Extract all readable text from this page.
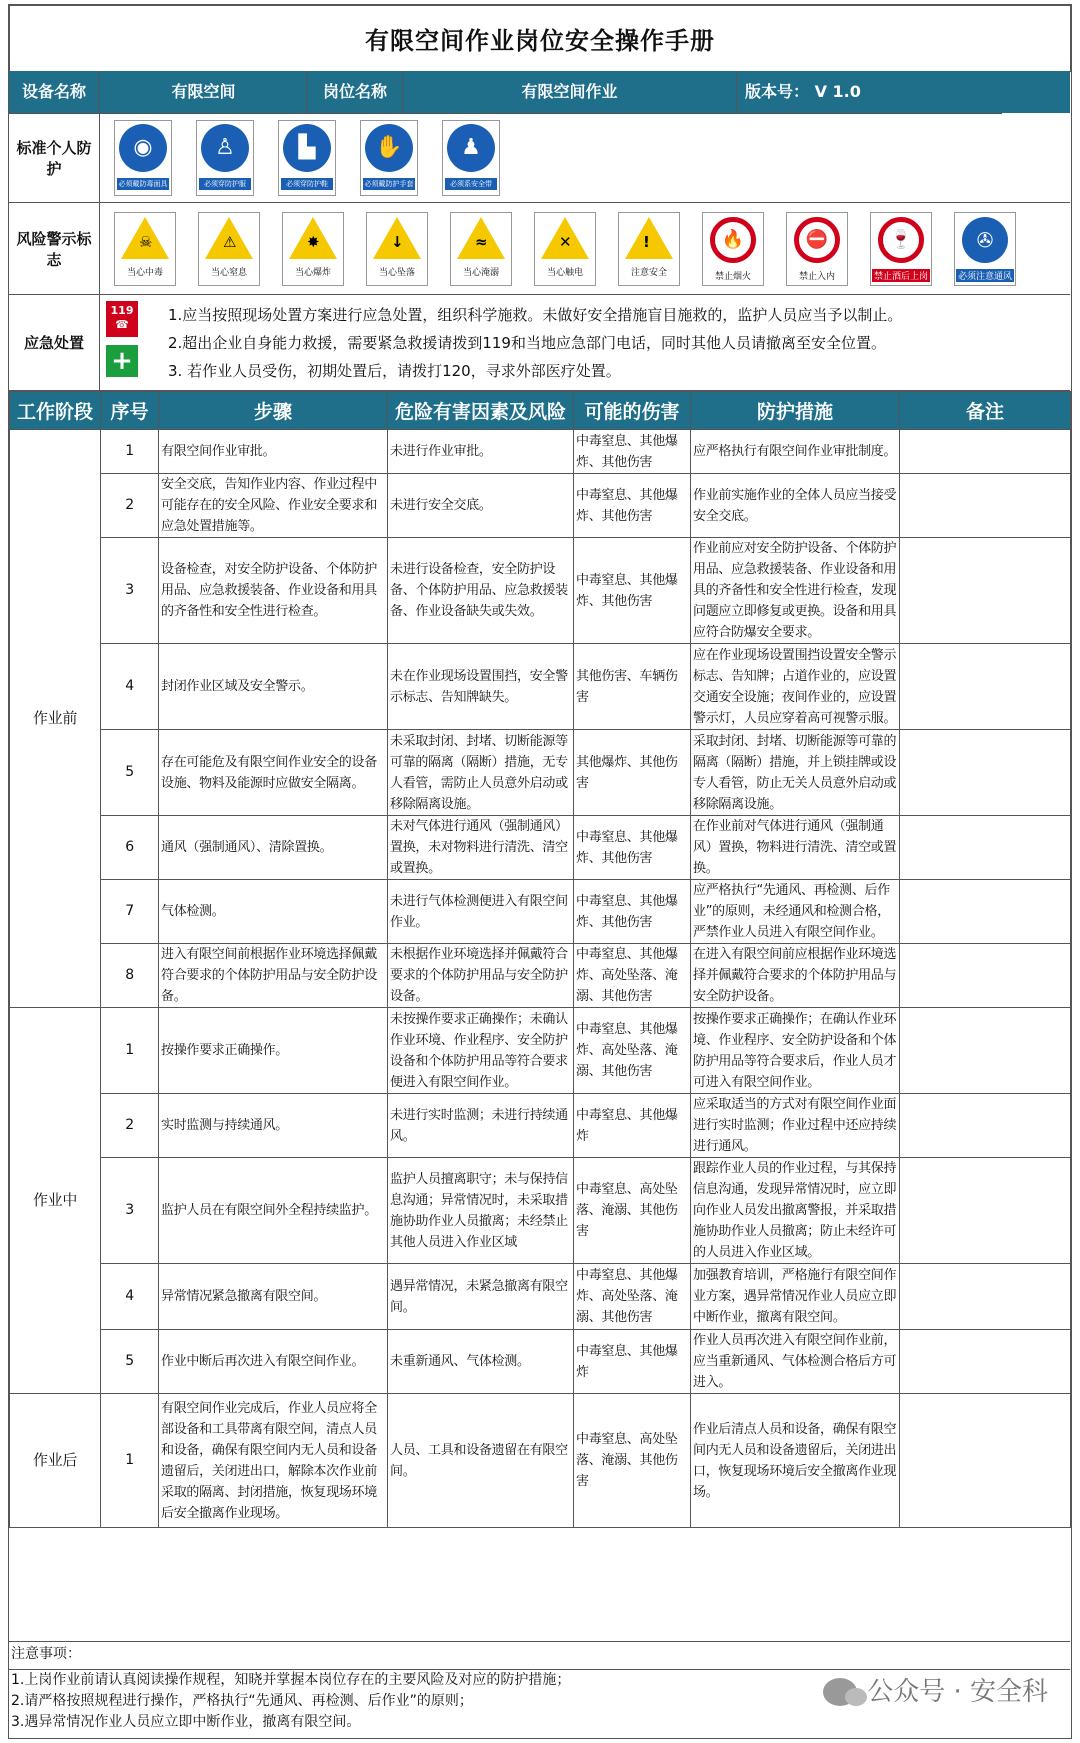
有限空间作业岗位安全操作手册

设备名称	有限空间	岗位名称	有限空间作业	版本号： V 1.0
标准个人防护
◉
必须戴防毒面具
♙
必须穿防护服
▙
必须穿防护鞋
✋
必须戴防护手套
♟
必须系安全带
风险警示标志
☠
当心中毒
⚠
当心窒息
✸
当心爆炸
↓
当心坠落
≈
当心淹溺
✕
当心触电
!
注意安全
🔥
禁止烟火
⛔
禁止入内
🍷
禁止酒后上岗
✇
必须注意通风
应急处置
119
☎
+
1.应当按照现场处置方案进行应急处置，组织科学施救。未做好安全措施盲目施救的，监护人员应当予以制止。
2.超出企业自身能力救援，需要紧急救援请拨到119和当地应急部门电话，同时其他人员请撤离至安全位置。
3. 若作业人员受伤，初期处置后，请拨打120，寻求外部医疗处置。
工作阶段	序号	步骤	危险有害因素及风险	可能的伤害	防护措施	备注
作业前	1	有限空间作业审批。	未进行作业审批。	中毒窒息、其他爆炸、其他伤害	应严格执行有限空间作业审批制度。	
	2	安全交底，告知作业内容、作业过程中可能存在的安全风险、作业安全要求和应急处置措施等。	未进行安全交底。	中毒窒息、其他爆炸、其他伤害	作业前实施作业的全体人员应当接受安全交底。	
	3	设备检查，对安全防护设备、个体防护用品、应急救援装备、作业设备和用具的齐备性和安全性进行检查。	未进行设备检查，安全防护设备、个体防护用品、应急救援装备、作业设备缺失或失效。	中毒窒息、其他爆炸、其他伤害	作业前应对安全防护设备、个体防护用品、应急救援装备、作业设备和用具的齐备性和安全性进行检查，发现问题应立即修复或更换。设备和用具应符合防爆安全要求。	
	4	封闭作业区域及安全警示。	未在作业现场设置围挡，安全警示标志、告知牌缺失。	其他伤害、车辆伤害	应在作业现场设置围挡设置安全警示标志、告知牌；占道作业的，应设置交通安全设施；夜间作业的，应设置警示灯，人员应穿着高可视警示服。	
	5	存在可能危及有限空间作业安全的设备设施、物料及能源时应做安全隔离。	未采取封闭、封堵、切断能源等可靠的隔离（隔断）措施，无专人看管，需防止人员意外启动或移除隔离设施。	其他爆炸、其他伤害	采取封闭、封堵、切断能源等可靠的隔离（隔断）措施，并上锁挂牌或设专人看管，防止无关人员意外启动或移除隔离设施。	
	6	通风（强制通风）、清除置换。	未对气体进行通风（强制通风）置换，未对物料进行清洗、清空或置换。	中毒窒息、其他爆炸、其他伤害	在作业前对气体进行通风（强制通风）置换，物料进行清洗、清空或置换。	
	7	气体检测。	未进行气体检测便进入有限空间作业。	中毒窒息、其他爆炸、其他伤害	应严格执行“先通风、再检测、后作业”的原则，未经通风和检测合格，严禁作业人员进入有限空间作业。	
	8	进入有限空间前根据作业环境选择佩戴符合要求的个体防护用品与安全防护设备。	未根据作业环境选择并佩戴符合要求的个体防护用品与安全防护设备。	中毒窒息、其他爆炸、高处坠落、淹溺、其他伤害	在进入有限空间前应根据作业环境选择并佩戴符合要求的个体防护用品与安全防护设备。	
作业中	1	按操作要求正确操作。	未按操作要求正确操作；未确认作业环境、作业程序、安全防护设备和个体防护用品等符合要求便进入有限空间作业。	中毒窒息、其他爆炸、高处坠落、淹溺、其他伤害	按操作要求正确操作；在确认作业环境、作业程序、安全防护设备和个体防护用品等符合要求后，作业人员才可进入有限空间作业。	
	2	实时监测与持续通风。	未进行实时监测；未进行持续通风。	中毒窒息、其他爆炸	应采取适当的方式对有限空间作业面进行实时监测；作业过程中还应持续进行通风。	
	3	监护人员在有限空间外全程持续监护。	监护人员擅离职守；未与保持信息沟通；异常情况时，未采取措施协助作业人员撤离；未经禁止其他人员进入作业区域	中毒窒息、高处坠落、淹溺、其他伤害	跟踪作业人员的作业过程，与其保持信息沟通，发现异常情况时，应立即向作业人员发出撤离警报，并采取措施协助作业人员撤离；防止未经许可的人员进入作业区域。	
	4	异常情况紧急撤离有限空间。	遇异常情况，未紧急撤离有限空间。	中毒窒息、其他爆炸、高处坠落、淹溺、其他伤害	加强教育培训，严格施行有限空间作业方案，遇异常情况作业人员应立即中断作业，撤离有限空间。	
	5	作业中断后再次进入有限空间作业。	未重新通风、气体检测。	中毒窒息、其他爆炸	作业人员再次进入有限空间作业前，应当重新通风、气体检测合格后方可进入。	
作业后	1	有限空间作业完成后，作业人员应将全部设备和工具带离有限空间，清点人员和设备，确保有限空间内无人员和设备遗留后，关闭进出口，解除本次作业前采取的隔离、封闭措施，恢复现场环境后安全撤离作业现场。	人员、工具和设备遗留在有限空间。	中毒窒息、高处坠落、淹溺、其他伤害	作业后清点人员和设备，确保有限空间内无人员和设备遗留后，关闭进出口，恢复现场环境后安全撤离作业现场。	
注意事项：
1.上岗作业前请认真阅读操作规程，知晓并掌握本岗位存在的主要风险及对应的防护措施；
2.请严格按照规程进行操作，严格执行“先通风、再检测、后作业”的原则；
3.遇异常情况作业人员应立即中断作业，撤离有限空间。
公众号 · 安全科
